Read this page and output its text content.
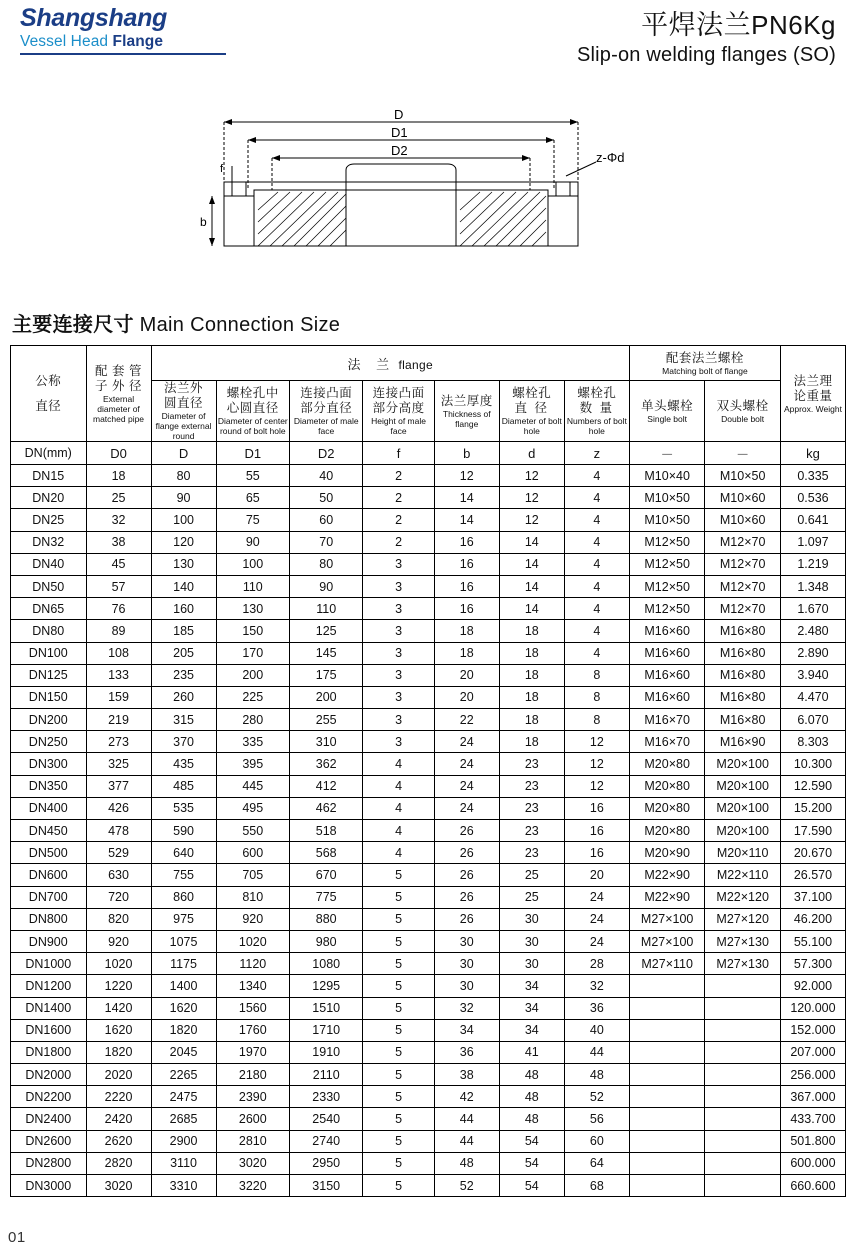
Shangshang
Vessel Head Flange
平焊法兰PN6Kg
Slip-on welding flanges (SO)
D
D1
D2
f
b
z-Φd
主要连接尺寸 Main Connection Size
公称
直径

配 套 管
子 外 径
External diameter of matched pipe
	法 兰 flange	配套法兰螺栓
Matching bolt of flange

法兰理
论重量
Approx. Weight

法兰外
圆直径
Diameter of flange external round

螺栓孔中
心圆直径
Diameter of center round of bolt hole

连接凸面
部分直径
Diameter of male face

连接凸面
部分高度
Height of male face

法兰厚度
Thickness of flange

螺栓孔
直 径
Diameter of bolt hole

螺栓孔
数 量
Numbers of bolt hole

单头螺栓
Single bolt

双头螺栓
Double bolt

DN(mm)	D0	D	D1	D2	f	b	d	z	－	－	kg
DN15	18	80	55	40	2	12	12	4	M10×40	M10×50	0.335
DN20	25	90	65	50	2	14	12	4	M10×50	M10×60	0.536
DN25	32	100	75	60	2	14	12	4	M10×50	M10×60	0.641
DN32	38	120	90	70	2	16	14	4	M12×50	M12×70	1.097
DN40	45	130	100	80	3	16	14	4	M12×50	M12×70	1.219
DN50	57	140	110	90	3	16	14	4	M12×50	M12×70	1.348
DN65	76	160	130	110	3	16	14	4	M12×50	M12×70	1.670
DN80	89	185	150	125	3	18	18	4	M16×60	M16×80	2.480
DN100	108	205	170	145	3	18	18	4	M16×60	M16×80	2.890
DN125	133	235	200	175	3	20	18	8	M16×60	M16×80	3.940
DN150	159	260	225	200	3	20	18	8	M16×60	M16×80	4.470
DN200	219	315	280	255	3	22	18	8	M16×70	M16×80	6.070
DN250	273	370	335	310	3	24	18	12	M16×70	M16×90	8.303
DN300	325	435	395	362	4	24	23	12	M20×80	M20×100	10.300
DN350	377	485	445	412	4	24	23	12	M20×80	M20×100	12.590
DN400	426	535	495	462	4	24	23	16	M20×80	M20×100	15.200
DN450	478	590	550	518	4	26	23	16	M20×80	M20×100	17.590
DN500	529	640	600	568	4	26	23	16	M20×90	M20×110	20.670
DN600	630	755	705	670	5	26	25	20	M22×90	M22×110	26.570
DN700	720	860	810	775	5	26	25	24	M22×90	M22×120	37.100
DN800	820	975	920	880	5	26	30	24	M27×100	M27×120	46.200
DN900	920	1075	1020	980	5	30	30	24	M27×100	M27×130	55.100
DN1000	1020	1175	1120	1080	5	30	30	28	M27×110	M27×130	57.300
DN1200	1220	1400	1340	1295	5	30	34	32			92.000
DN1400	1420	1620	1560	1510	5	32	34	36			120.000
DN1600	1620	1820	1760	1710	5	34	34	40			152.000
DN1800	1820	2045	1970	1910	5	36	41	44			207.000
DN2000	2020	2265	2180	2110	5	38	48	48			256.000
DN2200	2220	2475	2390	2330	5	42	48	52			367.000
DN2400	2420	2685	2600	2540	5	44	48	56			433.700
DN2600	2620	2900	2810	2740	5	44	54	60			501.800
DN2800	2820	3110	3020	2950	5	48	54	64			600.000
DN3000	3020	3310	3220	3150	5	52	54	68			660.600
01
